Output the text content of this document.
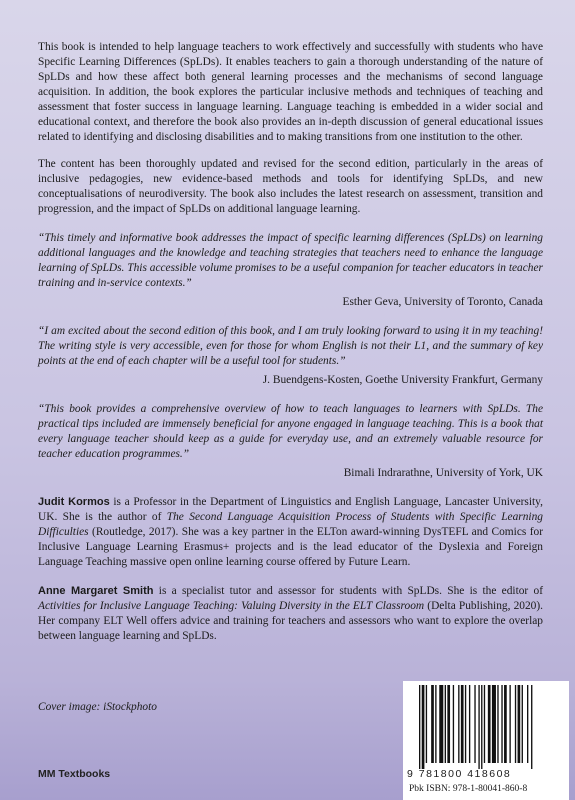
This book is intended to help language teachers to work effectively and successfully with students who have Specific Learning Differences (SpLDs). It enables teachers to gain a thorough understanding of the nature of SpLDs and how these affect both general learning processes and the mechanisms of second language acquisition. In addition, the book explores the particular inclusive methods and techniques of teaching and assessment that foster success in language learning. Language teaching is embedded in a wider social and educational context, and therefore the book also provides an in-depth discussion of general educational issues related to identifying and disclosing disabilities and to making transitions from one institution to the other.

The content has been thoroughly updated and revised for the second edition, particularly in the areas of inclusive pedagogies, new evidence-based methods and tools for identifying SpLDs, and new conceptualisations of neurodiversity. The book also includes the latest research on assessment, transition and progression, and the impact of SpLDs on additional language learning.

“This timely and informative book addresses the impact of specific learning differences (SpLDs) on learning additional languages and the knowledge and teaching strategies that teachers need to enhance the language learning of SpLDs. This accessible volume promises to be a useful companion for teacher educators in teacher training and in-service contexts.”

Esther Geva, University of Toronto, Canada

“I am excited about the second edition of this book, and I am truly looking forward to using it in my teaching! The writing style is very accessible, even for those for whom English is not their L1, and the summary of key points at the end of each chapter will be a useful tool for students.”

J. Buendgens-Kosten, Goethe University Frankfurt, Germany

“This book provides a comprehensive overview of how to teach languages to learners with SpLDs. The practical tips included are immensely beneficial for anyone engaged in language teaching. This is a book that every language teacher should keep as a guide for everyday use, and an extremely valuable resource for teacher education programmes.”

Bimali Indrarathne, University of York, UK

Judit Kormos is a Professor in the Department of Linguistics and English Language, Lancaster University, UK. She is the author of The Second Language Acquisition Process of Students with Specific Learning Difficulties (Routledge, 2017). She was a key partner in the ELTon award-winning DysTEFL and Comics for Inclusive Language Learning Erasmus+ projects and is the lead educator of the Dyslexia and Foreign Language Teaching massive open online learning course offered by Future Learn.

Anne Margaret Smith is a specialist tutor and assessor for students with SpLDs. She is the editor of Activities for Inclusive Language Teaching: Valuing Diversity in the ELT Classroom (Delta Publishing, 2020). Her company ELT Well offers advice and training for teachers and assessors who want to explore the overlap between language learning and SpLDs.

Cover image: iStockphoto
MM Textbooks	9 781800 418608
Pbk ISBN: 978-1-80041-860-8
